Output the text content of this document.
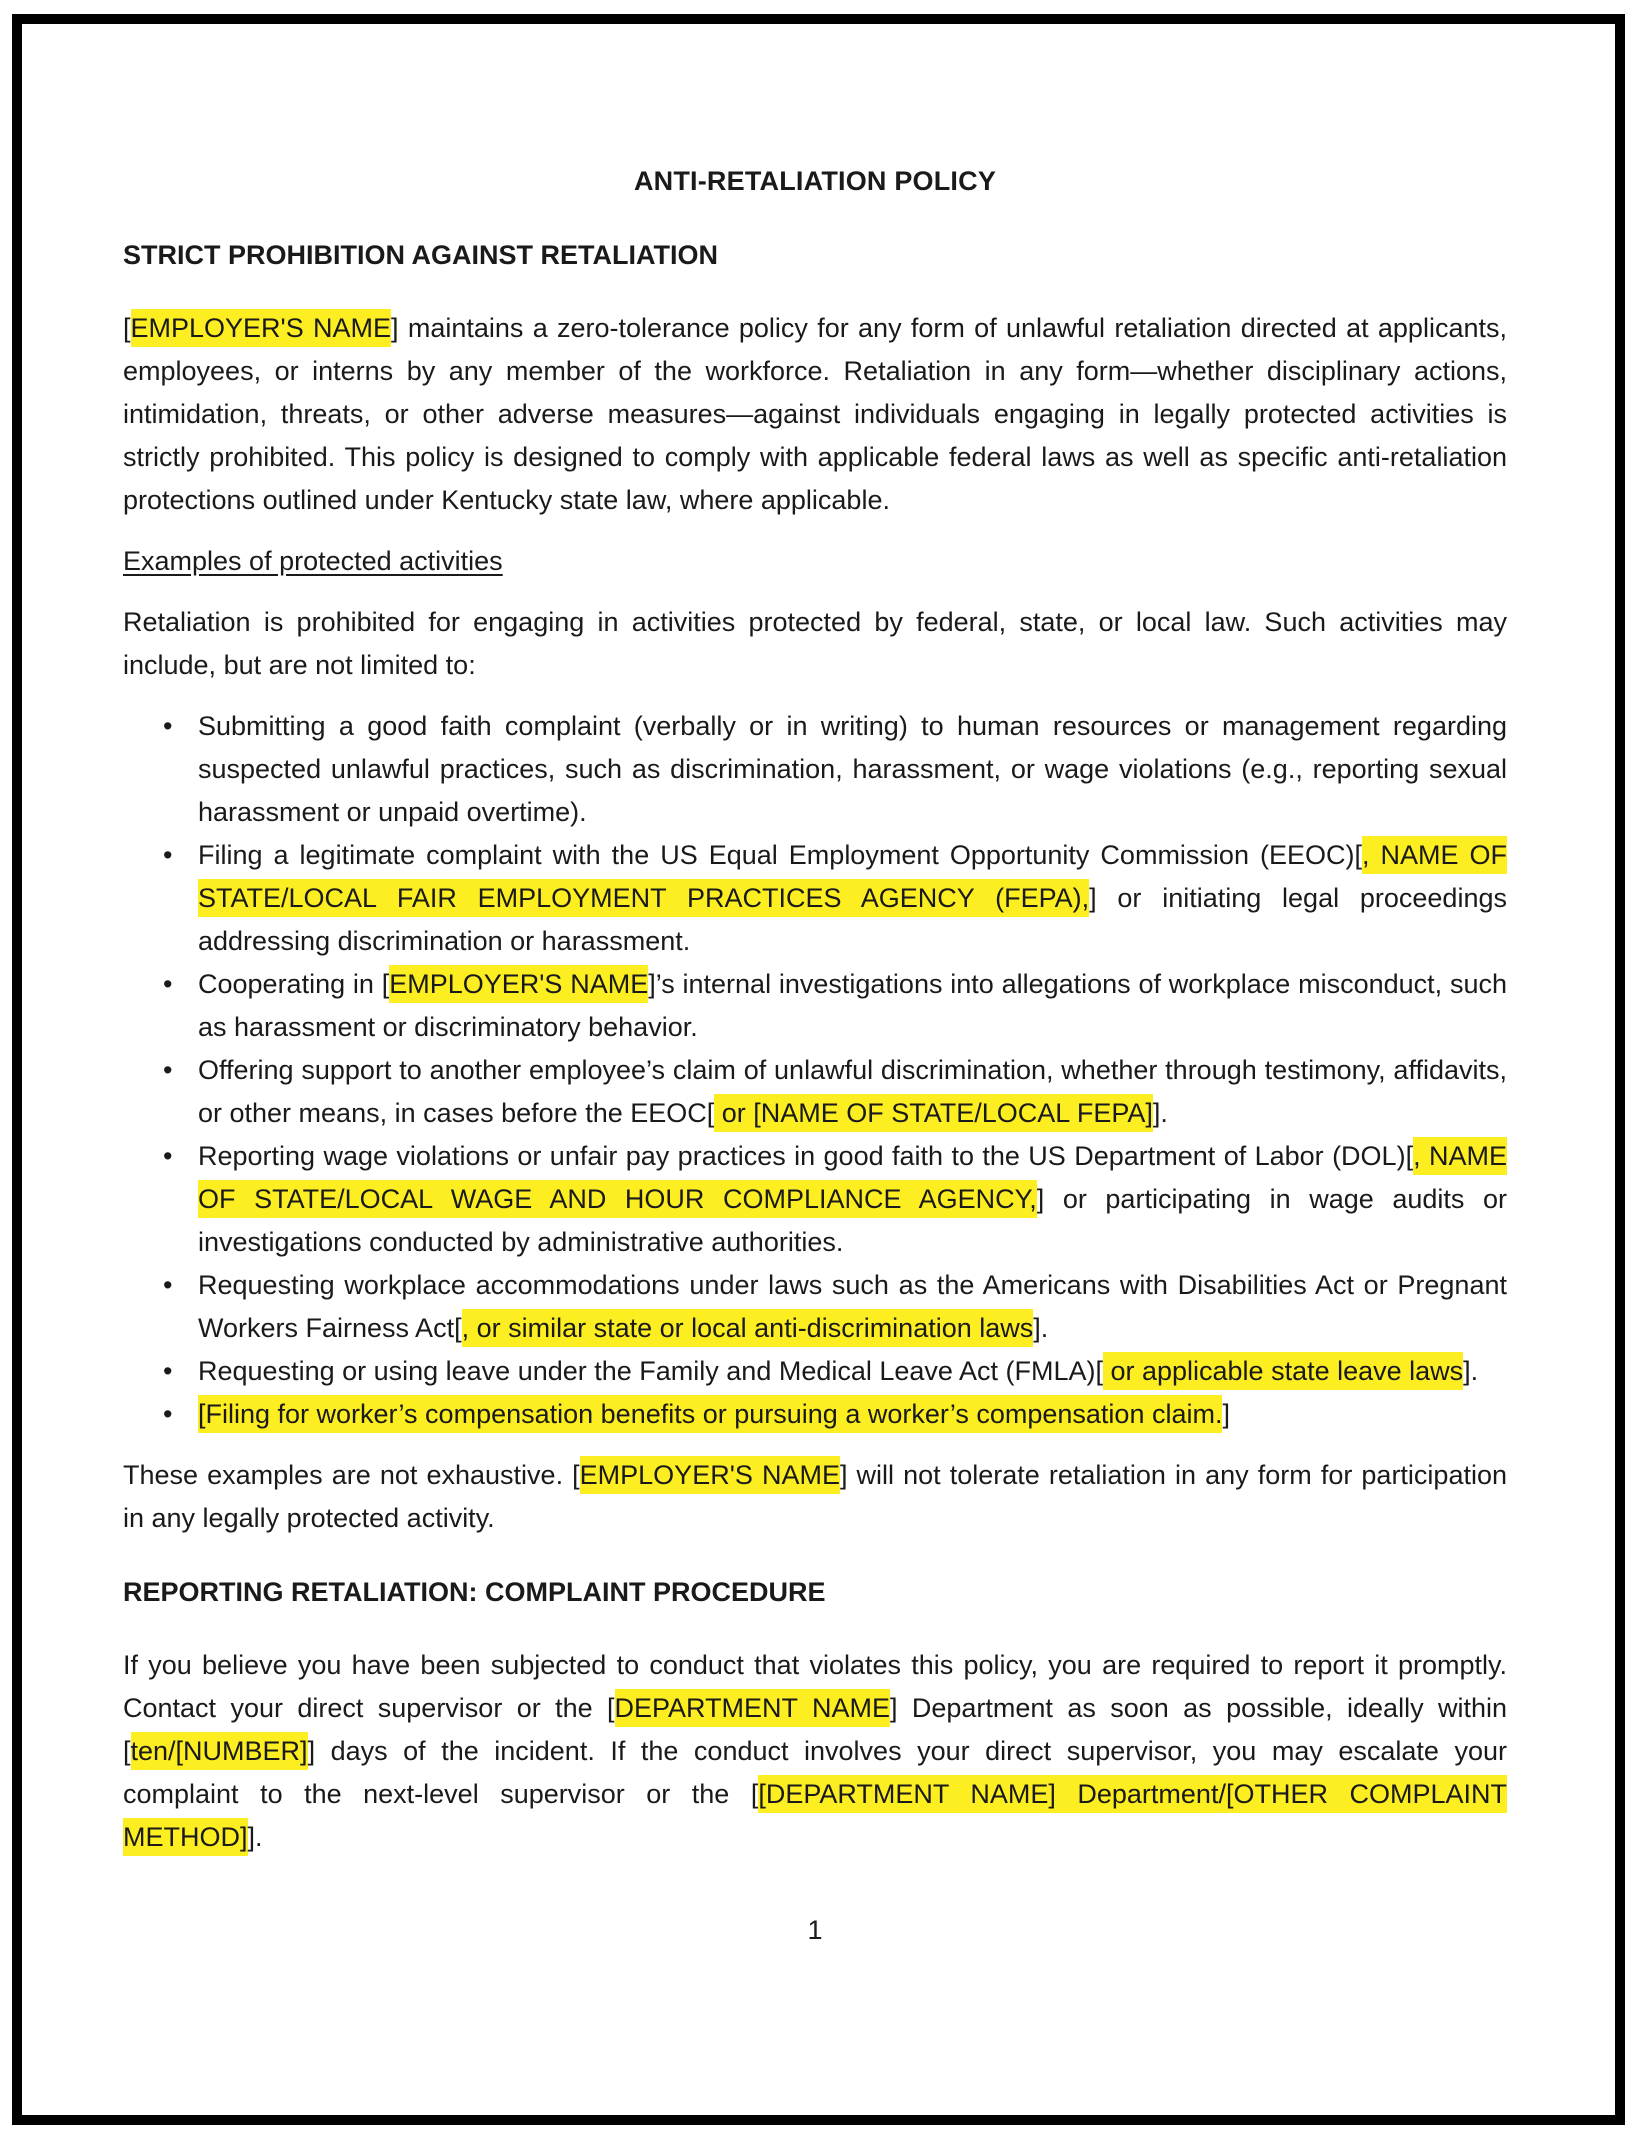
ANTI-RETALIATION POLICY
STRICT PROHIBITION AGAINST RETALIATION

[EMPLOYER'S NAME] maintains a zero-tolerance policy for any form of unlawful retaliation directed at applicants, employees, or interns by any member of the workforce. Retaliation in any form—whether disciplinary actions, intimidation, threats, or other adverse measures—against individuals engaging in legally protected activities is strictly prohibited. This policy is designed to comply with applicable federal laws as well as specific anti-retaliation protections outlined under Kentucky state law, where applicable.

Examples of protected activities

Retaliation is prohibited for engaging in activities protected by federal, state, or local law. Such activities may include, but are not limited to:

• Submitting a good faith complaint (verbally or in writing) to human resources or management regarding suspected unlawful practices, such as discrimination, harassment, or wage violations (e.g., reporting sexual harassment or unpaid overtime).
• Filing a legitimate complaint with the US Equal Employment Opportunity Commission (EEOC)[, NAME OF STATE/LOCAL FAIR EMPLOYMENT PRACTICES AGENCY (FEPA),] or initiating legal proceedings addressing discrimination or harassment.
• Cooperating in [EMPLOYER'S NAME]’s internal investigations into allegations of workplace misconduct, such as harassment or discriminatory behavior.
• Offering support to another employee’s claim of unlawful discrimination, whether through testimony, affidavits, or other means, in cases before the EEOC[ or [NAME OF STATE/LOCAL FEPA]].
• Reporting wage violations or unfair pay practices in good faith to the US Department of Labor (DOL)[, NAME OF STATE/LOCAL WAGE AND HOUR COMPLIANCE AGENCY,] or participating in wage audits or investigations conducted by administrative authorities.
• Requesting workplace accommodations under laws such as the Americans with Disabilities Act or Pregnant Workers Fairness Act[, or similar state or local anti-discrimination laws].
• Requesting or using leave under the Family and Medical Leave Act (FMLA)[ or applicable state leave laws].
• [Filing for worker’s compensation benefits or pursuing a worker’s compensation claim.]

These examples are not exhaustive. [EMPLOYER'S NAME] will not tolerate retaliation in any form for participation in any legally protected activity.

REPORTING RETALIATION: COMPLAINT PROCEDURE

If you believe you have been subjected to conduct that violates this policy, you are required to report it promptly. Contact your direct supervisor or the [DEPARTMENT NAME] Department as soon as possible, ideally within [ten/[NUMBER]] days of the incident. If the conduct involves your direct supervisor, you may escalate your complaint to the next-level supervisor or the [[DEPARTMENT NAME] Department/[OTHER COMPLAINT METHOD]].

1
